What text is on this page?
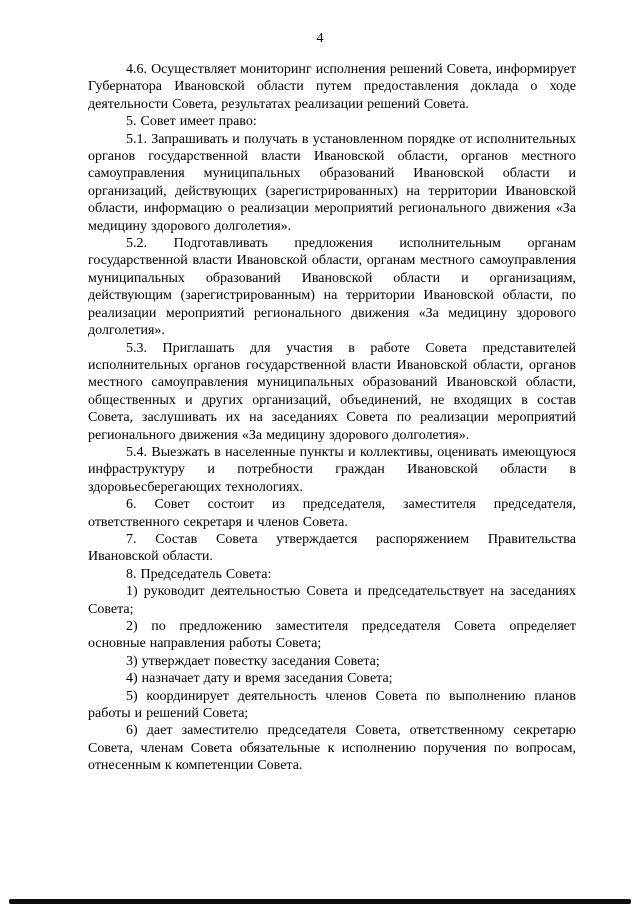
4

4.6. Осуществляет мониторинг исполнения решений Совета, информирует Губернатора Ивановской области путем предоставления доклада о ходе деятельности Совета, результатах реализации решений Совета.

5. Совет имеет право:

5.1. Запрашивать и получать в установленном порядке от исполнительных органов государственной власти Ивановской области, органов местного самоуправления муниципальных образований Ивановской области и организаций, действующих (зарегистрированных) на территории Ивановской области, информацию о реализации мероприятий регионального движения «За медицину здорового долголетия».

5.2. Подготавливать предложения исполнительным органам государственной власти Ивановской области, органам местного самоуправления муниципальных образований Ивановской области и организациям, действующим (зарегистрированным) на территории Ивановской области, по реализации мероприятий регионального движения «За медицину здорового долголетия».

5.3. Приглашать для участия в работе Совета представителей исполнительных органов государственной власти Ивановской области, органов местного самоуправления муниципальных образований Ивановской области, общественных и других организаций, объединений, не входящих в состав Совета, заслушивать их на заседаниях Совета по реализации мероприятий регионального движения «За медицину здорового долголетия».

5.4. Выезжать в населенные пункты и коллективы, оценивать имеющуюся инфраструктуру и потребности граждан Ивановской области в здоровьесберегающих технологиях.

6. Совет состоит из председателя, заместителя председателя, ответственного секретаря и членов Совета.

7. Состав Совета утверждается распоряжением Правительства Ивановской области.

8. Председатель Совета:

1) руководит деятельностью Совета и председательствует на заседаниях Совета;

2) по предложению заместителя председателя Совета определяет основные направления работы Совета;

3) утверждает повестку заседания Совета;

4) назначает дату и время заседания Совета;

5) координирует деятельность членов Совета по выполнению планов работы и решений Совета;

6) дает заместителю председателя Совета, ответственному секретарю Совета, членам Совета обязательные к исполнению поручения по вопросам, отнесенным к компетенции Совета.
